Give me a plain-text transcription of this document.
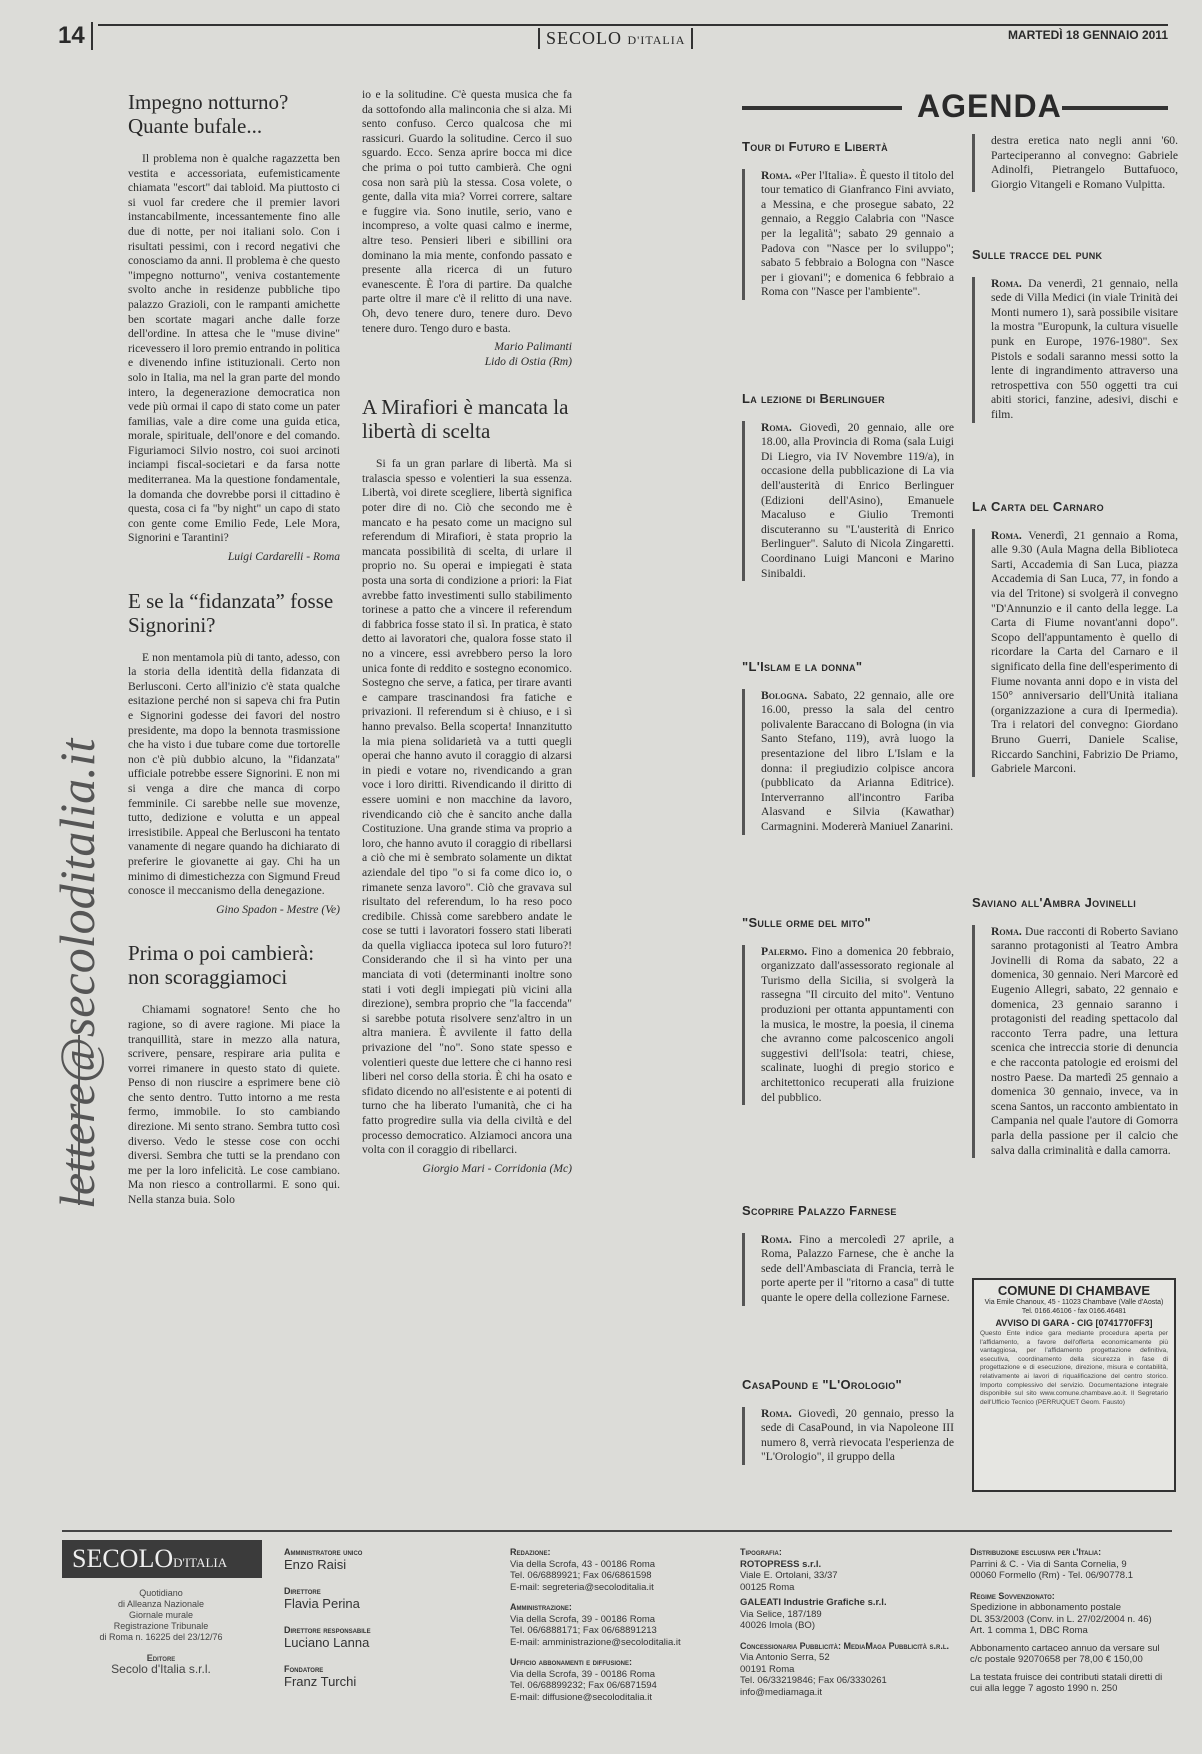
14	SECOLO D'ITALIA	MARTEDÌ 18 GENNAIO 2011
lettere@secoloditalia.it
Impegno notturno? Quante bufale...

Il problema non è qualche ragazzetta ben vestita e accessoriata, eufemisticamente chiamata "escort" dai tabloid. Ma piuttosto ci si vuol far credere che il premier lavori instancabilmente, incessantemente fino alle due di notte, per noi italiani solo. Con i risultati pessimi, con i record negativi che conosciamo da anni. Il problema è che questo "impegno notturno", veniva costantemente svolto anche in residenze pubbliche tipo palazzo Grazioli, con le rampanti amichette ben scortate magari anche dalle forze dell'ordine. In attesa che le "muse divine" ricevessero il loro premio entrando in politica e divenendo infine istituzionali. Certo non solo in Italia, ma nel la gran parte del mondo intero, la degenerazione democratica non vede più ormai il capo di stato come un pater familias, vale a dire come una guida etica, morale, spirituale, dell'onore e del comando. Figuriamoci Silvio nostro, coi suoi arcinoti inciampi fiscal-societari e da farsa notte mediterranea. Ma la questione fondamentale, la domanda che dovrebbe porsi il cittadino è questa, cosa ci fa "by night" un capo di stato con gente come Emilio Fede, Lele Mora, Signorini e Tarantini?

Luigi Cardarelli - Roma
E se la “fidanzata” fosse Signorini?

E non mentamola più di tanto, adesso, con la storia della identità della fidanzata di Berlusconi. Certo all'inizio c'è stata qualche esitazione perché non si sapeva chi fra Putin e Signorini godesse dei favori del nostro presidente, ma dopo la bennota trasmissione che ha visto i due tubare come due tortorelle non c'è più dubbio alcuno, la "fidanzata" ufficiale potrebbe essere Signorini. E non mi si venga a dire che manca di corpo femminile. Ci sarebbe nelle sue movenze, tutto, dedizione e volutta e un appeal irresistibile. Appeal che Berlusconi ha tentato vanamente di negare quando ha dichiarato di preferire le giovanette ai gay. Chi ha un minimo di dimestichezza con Sigmund Freud conosce il meccanismo della denegazione.

Gino Spadon - Mestre (Ve)
Prima o poi cambierà: non scoraggiamoci

Chiamami sognatore! Sento che ho ragione, so di avere ragione. Mi piace la tranquillità, stare in mezzo alla natura, scrivere, pensare, respirare aria pulita e vorrei rimanere in questo stato di quiete. Penso di non riuscire a esprimere bene ciò che sento dentro. Tutto intorno a me resta fermo, immobile. Io sto cambiando direzione. Mi sento strano. Sembra tutto così diverso. Vedo le stesse cose con occhi diversi. Sembra che tutti se la prendano con me per la loro infelicità. Le cose cambiano. Ma non riesco a controllarmi. E sono qui. Nella stanza buia. Solo

io e la solitudine. C'è questa musica che fa da sottofondo alla malinconia che si alza. Mi sento confuso. Cerco qualcosa che mi rassicuri. Guardo la solitudine. Cerco il suo sguardo. Ecco. Senza aprire bocca mi dice che prima o poi tutto cambierà. Che ogni cosa non sarà più la stessa. Cosa volete, o gente, dalla vita mia? Vorrei correre, saltare e fuggire via. Sono inutile, serio, vano e incompreso, a volte quasi calmo e inerme, altre teso. Pensieri liberi e sibillini ora dominano la mia mente, confondo passato e presente alla ricerca di un futuro evanescente. È l'ora di partire. Da qualche parte oltre il mare c'è il relitto di una nave. Oh, devo tenere duro, tenere duro. Devo tenere duro. Tengo duro e basta.

Mario Palimanti
Lido di Ostia (Rm)
A Mirafiori è mancata la libertà di scelta

Si fa un gran parlare di libertà. Ma si tralascia spesso e volentieri la sua essenza. Libertà, voi direte scegliere, libertà significa poter dire di no. Ciò che secondo me è mancato e ha pesato come un macigno sul referendum di Mirafiori, è stata proprio la mancata possibilità di scelta, di urlare il proprio no. Su operai e impiegati è stata posta una sorta di condizione a priori: la Fiat avrebbe fatto investimenti sullo stabilimento torinese a patto che a vincere il referendum di fabbrica fosse stato il sì. In pratica, è stato detto ai lavoratori che, qualora fosse stato il no a vincere, essi avrebbero perso la loro unica fonte di reddito e sostegno economico. Sostegno che serve, a fatica, per tirare avanti e campare trascinandosi fra fatiche e privazioni. Il referendum si è chiuso, e i sì hanno prevalso. Bella scoperta! Innanzitutto la mia piena solidarietà va a tutti quegli operai che hanno avuto il coraggio di alzarsi in piedi e votare no, rivendicando a gran voce i loro diritti. Rivendicando il diritto di essere uomini e non macchine da lavoro, rivendicando ciò che è sancito anche dalla Costituzione. Una grande stima va proprio a loro, che hanno avuto il coraggio di ribellarsi a ciò che mi è sembrato solamente un diktat aziendale del tipo "o si fa come dico io, o rimanete senza lavoro". Ciò che gravava sul risultato del referendum, lo ha reso poco credibile. Chissà come sarebbero andate le cose se tutti i lavoratori fossero stati liberati da quella vigliacca ipoteca sul loro futuro?! Considerando che il sì ha vinto per una manciata di voti (determinanti inoltre sono stati i voti degli impiegati più vicini alla direzione), sembra proprio che "la faccenda" si sarebbe potuta risolvere senz'altro in un altra maniera. È avvilente il fatto della privazione del "no". Sono state spesso e volentieri queste due lettere che ci hanno resi liberi nel corso della storia. È chi ha osato e sfidato dicendo no all'esistente e ai potenti di turno che ha liberato l'umanità, che ci ha fatto progredire sulla via della civiltà e del processo democratico. Alziamoci ancora una volta con il coraggio di ribellarci.

Giorgio Mari - Corridonia (Mc)
AGENDA
Tour di Futuro e Libertà
Roma. «Per l'Italia». È questo il titolo del tour tematico di Gianfranco Fini avviato, a Messina, e che prosegue sabato, 22 gennaio, a Reggio Calabria con "Nasce per la legalità"; sabato 29 gennaio a Padova con "Nasce per lo sviluppo"; sabato 5 febbraio a Bologna con "Nasce per i giovani"; e domenica 6 febbraio a Roma con "Nasce per l'ambiente".
La lezione di Berlinguer
Roma. Giovedì, 20 gennaio, alle ore 18.00, alla Provincia di Roma (sala Luigi Di Liegro, via IV Novembre 119/a), in occasione della pubblicazione di La via dell'austerità di Enrico Berlinguer (Edizioni dell'Asino), Emanuele Macaluso e Giulio Tremonti discuteranno su "L'austerità di Enrico Berlinguer". Saluto di Nicola Zingaretti. Coordinano Luigi Manconi e Marino Sinibaldi.
"L'Islam e la donna"
Bologna. Sabato, 22 gennaio, alle ore 16.00, presso la sala del centro polivalente Baraccano di Bologna (in via Santo Stefano, 119), avrà luogo la presentazione del libro L'Islam e la donna: il pregiudizio colpisce ancora (pubblicato da Arianna Editrice). Interverranno all'incontro Fariba Alasvand e Silvia (Kawathar) Carmagnini. Modererà Maniuel Zanarini.
"Sulle orme del mito"
Palermo. Fino a domenica 20 febbraio, organizzato dall'assessorato regionale al Turismo della Sicilia, si svolgerà la rassegna "Il circuito del mito". Ventuno produzioni per ottanta appuntamenti con la musica, le mostre, la poesia, il cinema che avranno come palcoscenico angoli suggestivi dell'Isola: teatri, chiese, scalinate, luoghi di pregio storico e architettonico recuperati alla fruizione del pubblico.
Scoprire Palazzo Farnese
Roma. Fino a mercoledì 27 aprile, a Roma, Palazzo Farnese, che è anche la sede dell'Ambasciata di Francia, terrà le porte aperte per il "ritorno a casa" di tutte quante le opere della collezione Farnese.
CasaPound e "L'Orologio"
Roma. Giovedì, 20 gennaio, presso la sede di CasaPound, in via Napoleone III numero 8, verrà rievocata l'esperienza de "L'Orologio", il gruppo della
destra eretica nato negli anni '60. Parteciperanno al convegno: Gabriele Adinolfi, Pietrangelo Buttafuoco, Giorgio Vitangeli e Romano Vulpitta.
Sulle tracce del punk
Roma. Da venerdì, 21 gennaio, nella sede di Villa Medici (in viale Trinità dei Monti numero 1), sarà possibile visitare la mostra "Europunk, la cultura visuelle punk en Europe, 1976-1980". Sex Pistols e sodali saranno messi sotto la lente di ingrandimento attraverso una retrospettiva con 550 oggetti tra cui abiti storici, fanzine, adesivi, dischi e film.
La Carta del Carnaro
Roma. Venerdì, 21 gennaio a Roma, alle 9.30 (Aula Magna della Biblioteca Sarti, Accademia di San Luca, piazza Accademia di San Luca, 77, in fondo a via del Tritone) si svolgerà il convegno "D'Annunzio e il canto della legge. La Carta di Fiume novant'anni dopo". Scopo dell'appuntamento è quello di ricordare la Carta del Carnaro e il significato della fine dell'esperimento di Fiume novanta anni dopo e in vista del 150° anniversario dell'Unità italiana (organizzazione a cura di Ipermedia). Tra i relatori del convegno: Giordano Bruno Guerri, Daniele Scalise, Riccardo Sanchini, Fabrizio De Priamo, Gabriele Marconi.
Saviano all'Ambra Jovinelli
Roma. Due racconti di Roberto Saviano saranno protagonisti al Teatro Ambra Jovinelli di Roma da sabato, 22 a domenica, 30 gennaio. Neri Marcorè ed Eugenio Allegri, sabato, 22 gennaio e domenica, 23 gennaio saranno i protagonisti del reading spettacolo dal racconto Terra padre, una lettura scenica che intreccia storie di denuncia e che racconta patologie ed eroismi del nostro Paese. Da martedì 25 gennaio a domenica 30 gennaio, invece, va in scena Santos, un racconto ambientato in Campania nel quale l'autore di Gomorra parla della passione per il calcio che salva dalla criminalità e dalla camorra.
COMUNE DI CHAMBAVE
Via Emile Chanoux, 45 - 11023 Chambave (Valle d'Aosta)
Tel. 0166.46106 - fax 0166.46481
AVVISO DI GARA - CIG [0741770FF3]
Questo Ente indice gara mediante procedura aperta per l'affidamento, a favore dell'offerta economicamente più vantaggiosa, per l'affidamento progettazione definitiva, esecutiva, coordinamento della sicurezza in fase di progettazione e di esecuzione, direzione, misura e contabilità, relativamente ai lavori di riqualificazione del centro storico. Importo complessivo del servizio. Documentazione integrale disponibile sul sito www.comune.chambave.ao.it. Il Segretario dell'Ufficio Tecnico (PERRUQUET Geom. Fausto)
SECOLOD'ITALIA
Quotidiano
di Alleanza Nazionale
Giornale murale
Registrazione Tribunale
di Roma n. 16225 del 23/12/76
Editore
Secolo d'Italia s.r.l.
Amministratore unico
Enzo Raisi
Direttore
Flavia Perina
Direttore responsabile
Luciano Lanna
Fondatore
Franz Turchi
Redazione:
Via della Scrofa, 43 - 00186 Roma
Tel. 06/6889921; Fax 06/6861598
E-mail: segreteria@secoloditalia.it
Amministrazione:
Via della Scrofa, 39 - 00186 Roma
Tel. 06/6888171; Fax 06/68891213
E-mail: amministrazione@secoloditalia.it
Ufficio abbonamenti e diffusione:
Via della Scrofa, 39 - 00186 Roma
Tel. 06/68899232; Fax 06/6871594
E-mail: diffusione@secoloditalia.it
Tipografia:
ROTOPRESS s.r.l.
Viale E. Ortolani, 33/37
00125 Roma
GALEATI Industrie Grafiche s.r.l.
Via Selice, 187/189
40026 Imola (BO)
Concessionaria Pubblicità: MediaMaga Pubblicità s.r.l.
Via Antonio Serra, 52
00191 Roma
Tel. 06/33219846; Fax 06/3330261
info@mediamaga.it
Distribuzione esclusiva per l'Italia:
Parrini & C. - Via di Santa Cornelia, 9
00060 Formello (Rm) - Tel. 06/90778.1
Regime Sovvenzionato:
Spedizione in abbonamento postale
DL 353/2003 (Conv. in L. 27/02/2004 n. 46)
Art. 1 comma 1, DBC Roma
Abbonamento cartaceo annuo da versare sul c/c postale 92070658 per 78,00 € 150,00
La testata fruisce dei contributi statali diretti di cui alla legge 7 agosto 1990 n. 250
